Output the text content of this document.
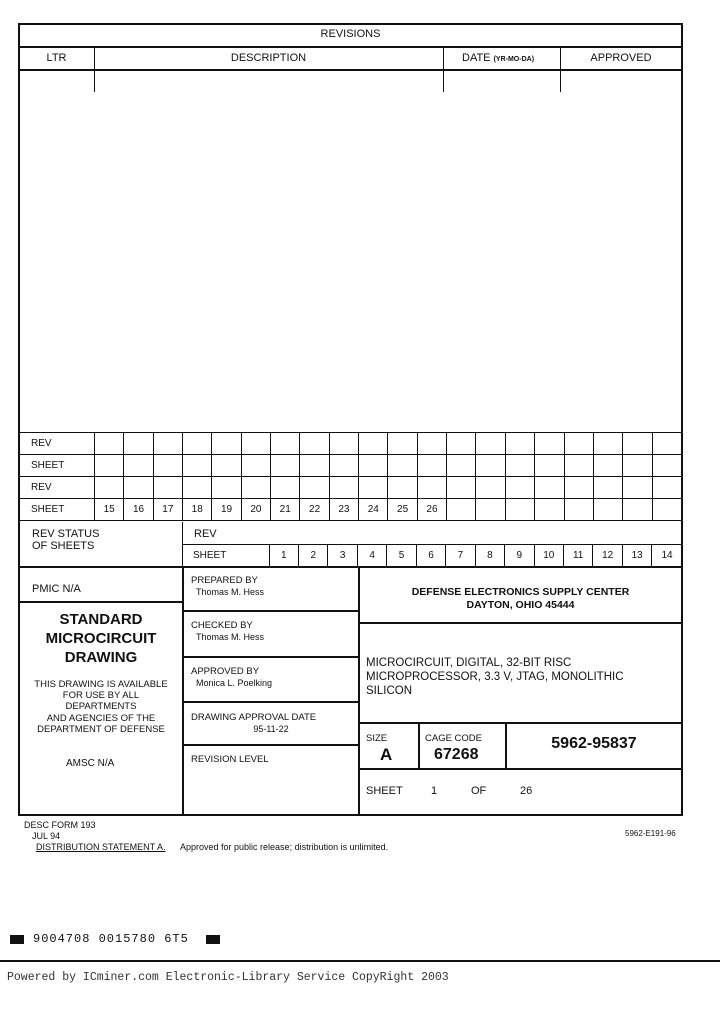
REVISIONS
LTR	DESCRIPTION	DATE (YR-MO-DA)	APPROVED
REV
SHEET
REV
SHEET	15	16	17	18	19	20	21	22	23	24	25	26
REV STATUS
OF SHEETS
REV
SHEET	1	2	3	4	5	6	7	8	9	10	11	12	13	14
PMIC N/A
STANDARD
MICROCIRCUIT
DRAWING
THIS DRAWING IS AVAILABLE
FOR USE BY ALL
DEPARTMENTS
AND AGENCIES OF THE
DEPARTMENT OF DEFENSE
AMSC N/A
PREPARED BY
Thomas M. Hess
CHECKED BY
Thomas M. Hess
APPROVED BY
Monica L. Poelking
DRAWING APPROVAL DATE
95-11-22
REVISION LEVEL
DEFENSE ELECTRONICS SUPPLY CENTER
DAYTON, OHIO 45444
MICROCIRCUIT, DIGITAL, 32-BIT RISC
MICROPROCESSOR, 3.3 V, JTAG, MONOLITHIC
SILICON
SIZE
A
CAGE CODE
67268
5962-95837
SHEET	1	OF	26
DESC FORM 193
JUL 94
DISTRIBUTION STATEMENT A. Approved for public release; distribution is unlimited.
5962-E191-96
9004708 0015780 6T5
Powered by ICminer.com Electronic-Library Service CopyRight 2003
